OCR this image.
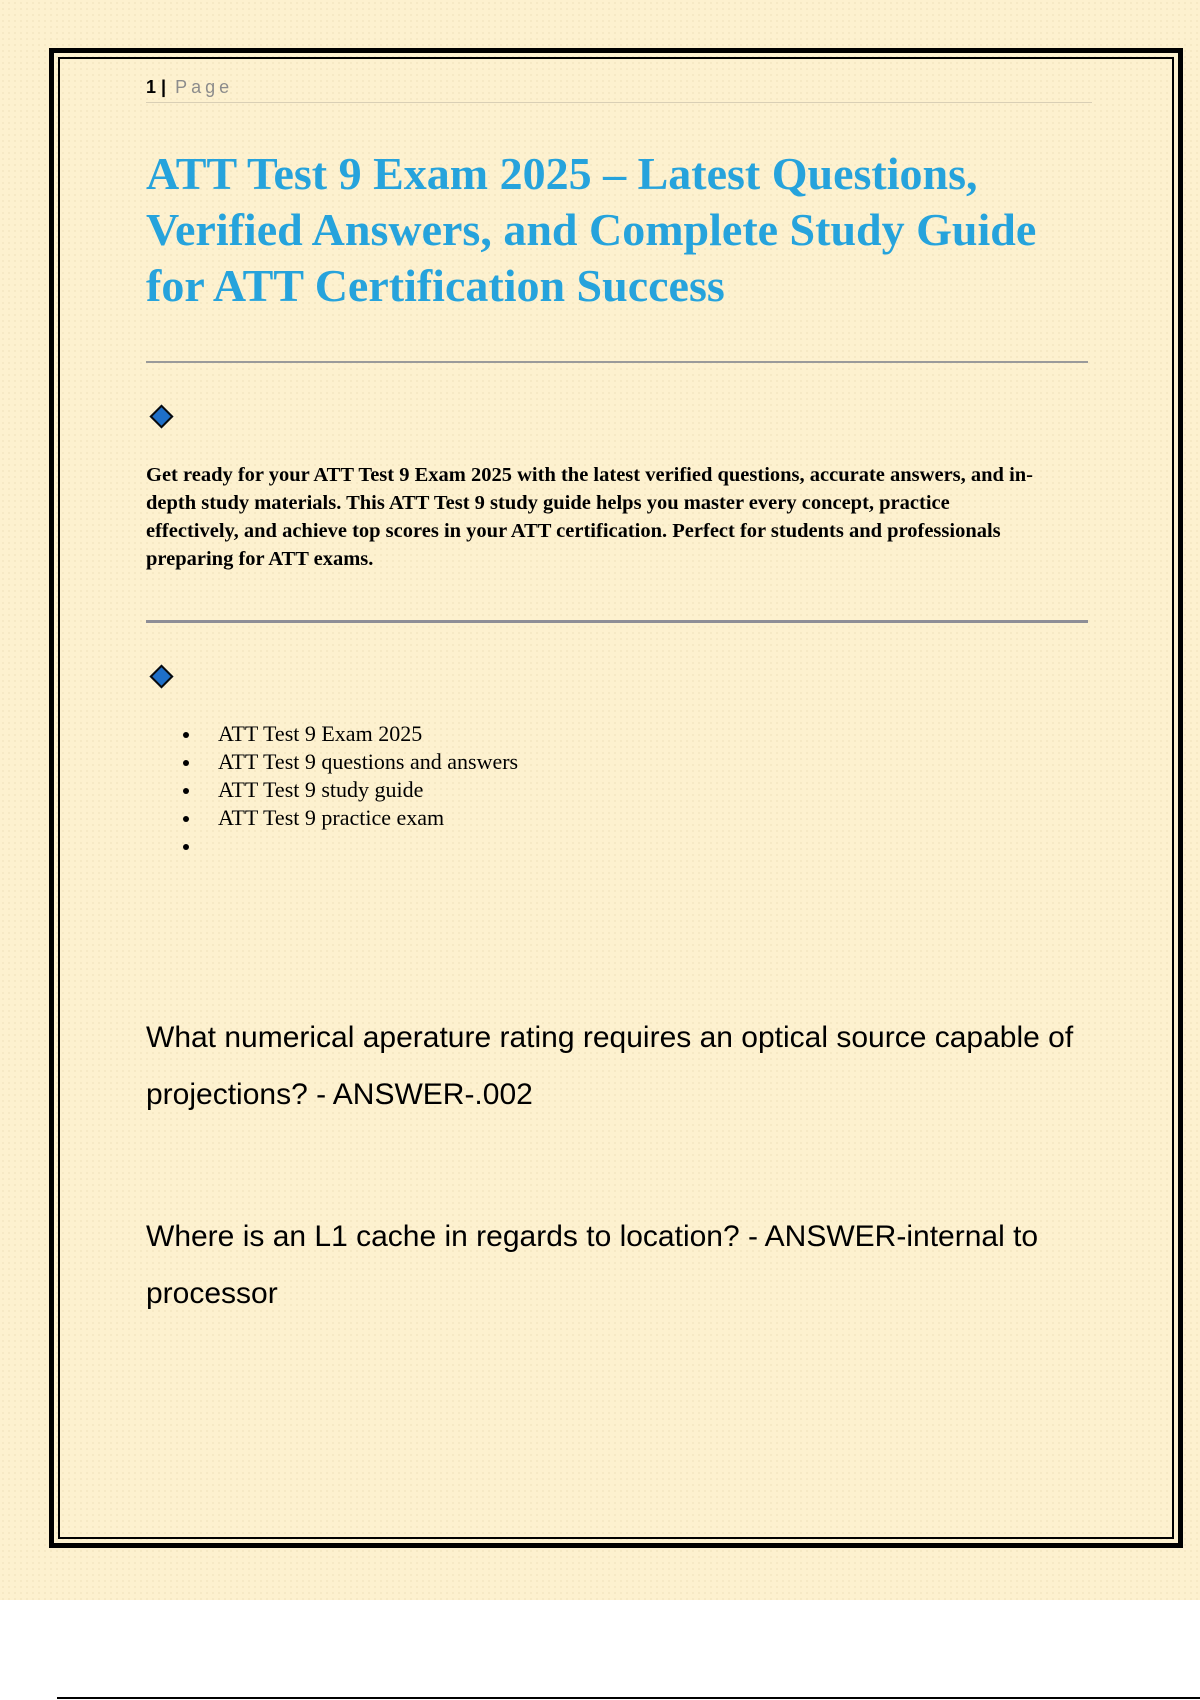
1 | Page
ATT Test 9 Exam 2025 – Latest Questions, Verified Answers, and Complete Study Guide for ATT Certification Success

Get ready for your ATT Test 9 Exam 2025 with the latest verified questions, accurate answers, and in-depth study materials. This ATT Test 9 study guide helps you master every concept, practice effectively, and achieve top scores in your ATT certification. Perfect for students and professionals preparing for ATT exams.

ATT Test 9 Exam 2025
ATT Test 9 questions and answers
ATT Test 9 study guide
ATT Test 9 practice exam

What numerical aperature rating requires an optical source capable of projections? - ANSWER-.002

Where is an L1 cache in regards to location? - ANSWER-internal to processor
